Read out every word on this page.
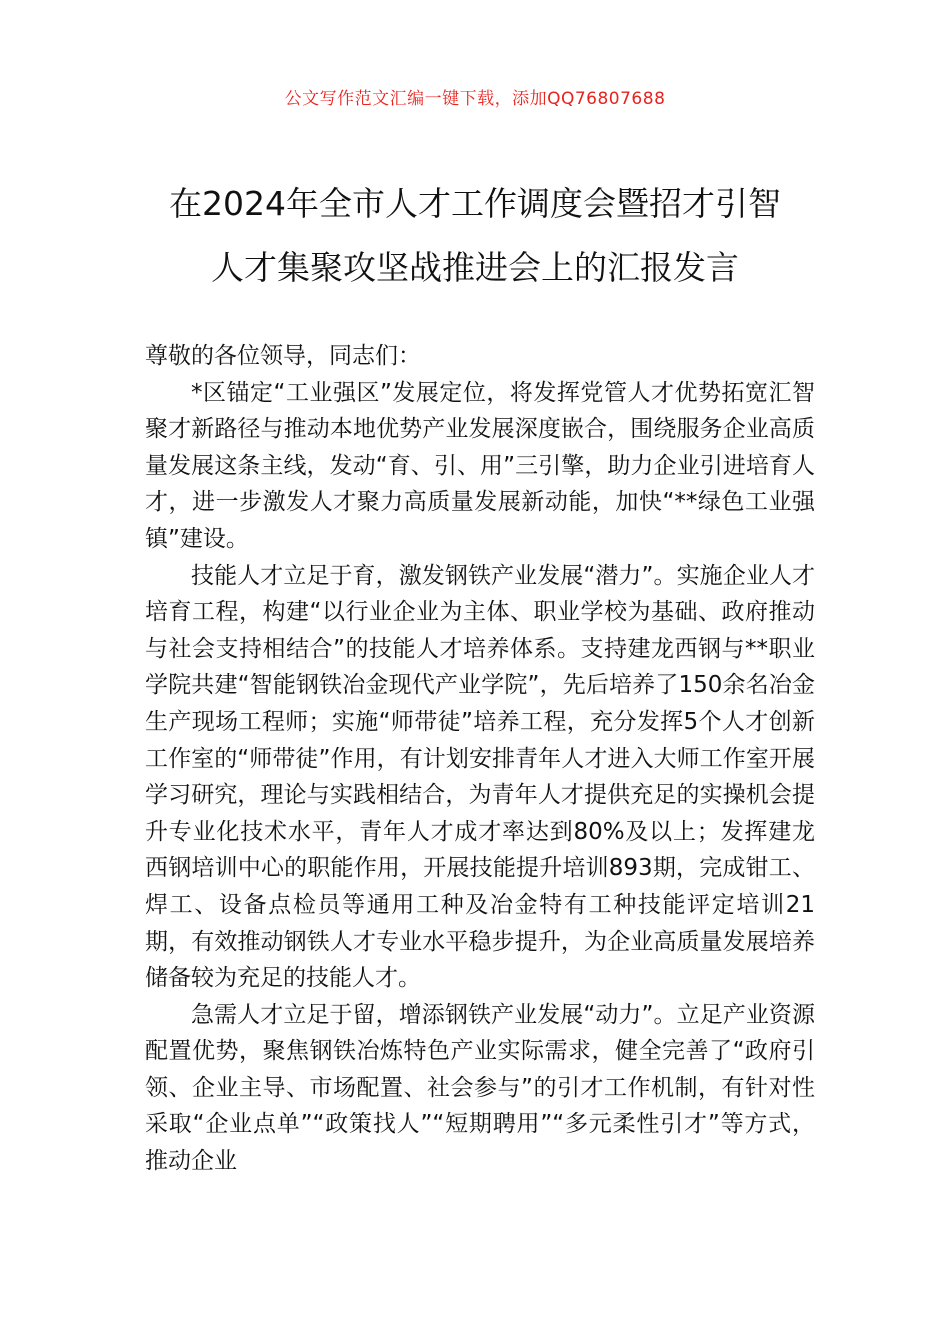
公文写作范文汇编一键下载，添加QQ76807688
在2024年全市人才工作调度会暨招才引智
人才集聚攻坚战推进会上的汇报发言

尊敬的各位领导，同志们：

*区锚定“工业强区”发展定位，将发挥党管人才优势拓宽汇智聚才新路径与推动本地优势产业发展深度嵌合，围绕服务企业高质量发展这条主线，发动“育、引、用”三引擎，助力企业引进培育人才，进一步激发人才聚力高质量发展新动能，加快“**绿色工业强镇”建设。

技能人才立足于育，激发钢铁产业发展“潜力”。实施企业人才培育工程，构建“以行业企业为主体、职业学校为基础、政府推动与社会支持相结合”的技能人才培养体系。支持建龙西钢与**职业学院共建“智能钢铁冶金现代产业学院”，先后培养了150余名冶金生产现场工程师；实施“师带徒”培养工程，充分发挥5个人才创新工作室的“师带徒”作用，有计划安排青年人才进入大师工作室开展学习研究，理论与实践相结合，为青年人才提供充足的实操机会提升专业化技术水平，青年人才成才率达到80%及以上；发挥建龙西钢培训中心的职能作用，开展技能提升培训893期，完成钳工、焊工、设备点检员等通用工种及冶金特有工种技能评定培训21期，有效推动钢铁人才专业水平稳步提升，为企业高质量发展培养储备较为充足的技能人才。

急需人才立足于留，增添钢铁产业发展“动力”。立足产业资源配置优势，聚焦钢铁冶炼特色产业实际需求，健全完善了“政府引领、企业主导、市场配置、社会参与”的引才工作机制，有针对性采取“企业点单”“政策找人”“短期聘用”“多元柔性引才”等方式，推动企业
